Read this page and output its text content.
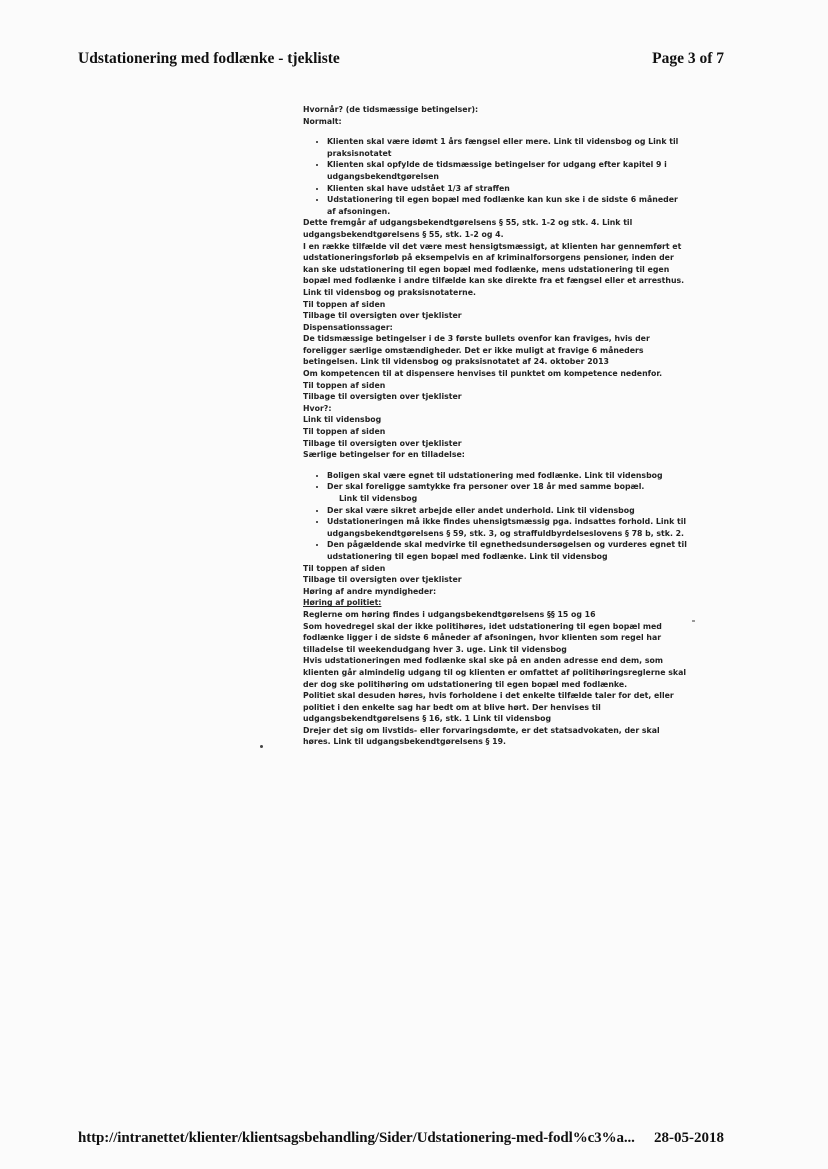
Udstationering med fodlænke - tjekliste	Page 3 of 7

Hvornår? (de tidsmæssige betingelser):

Normalt:

• Klienten skal være idømt 1 års fængsel eller mere. Link til vidensbog og Link til praksisnotatet
• Klienten skal opfylde de tidsmæssige betingelser for udgang efter kapitel 9 i udgangsbekendtgørelsen
• Klienten skal have udstået 1/3 af straffen
• Udstationering til egen bopæl med fodlænke kan kun ske i de sidste 6 måneder af afsoningen.

Dette fremgår af udgangsbekendtgørelsens § 55, stk. 1-2 og stk. 4. Link til udgangsbekendtgørelsens § 55, stk. 1-2 og 4.

I en række tilfælde vil det være mest hensigtsmæssigt, at klienten har gennemført et udstationeringsforløb på eksempelvis en af kriminalforsorgens pensioner, inden der kan ske udstationering til egen bopæl med fodlænke, mens udstationering til egen bopæl med fodlænke i andre tilfælde kan ske direkte fra et fængsel eller et arresthus. Link til vidensbog og praksisnotaterne.

Til toppen af siden

Tilbage til oversigten over tjeklister

Dispensationssager:

De tidsmæssige betingelser i de 3 første bullets ovenfor kan fraviges, hvis der foreligger særlige omstændigheder. Det er ikke muligt at fravige 6 måneders betingelsen. Link til vidensbog og praksisnotatet af 24. oktober 2013

Om kompetencen til at dispensere henvises til punktet om kompetence nedenfor.

Til toppen af siden

Tilbage til oversigten over tjeklister

Hvor?:

Link til vidensbog

Til toppen af siden

Tilbage til oversigten over tjeklister

Særlige betingelser for en tilladelse:

• Boligen skal være egnet til udstationering med fodlænke. Link til vidensbog
• Der skal foreligge samtykke fra personer over 18 år med samme bopæl.
Link til vidensbog
• Der skal være sikret arbejde eller andet underhold. Link til vidensbog
• Udstationeringen må ikke findes uhensigtsmæssig pga. indsattes forhold. Link til udgangsbekendtgørelsens § 59, stk. 3, og straffuldbyrdelseslovens § 78 b, stk. 2.
• Den pågældende skal medvirke til egnethedsundersøgelsen og vurderes egnet til udstationering til egen bopæl med fodlænke. Link til vidensbog

Til toppen af siden

Tilbage til oversigten over tjeklister

Høring af andre myndigheder:

Høring af politiet:

Reglerne om høring findes i udgangsbekendtgørelsens §§ 15 og 16

Som hovedregel skal der ikke politihøres, idet udstationering til egen bopæl med fodlænke ligger i de sidste 6 måneder af afsoningen, hvor klienten som regel har tilladelse til weekendudgang hver 3. uge. Link til vidensbog

Hvis udstationeringen med fodlænke skal ske på en anden adresse end dem, som klienten går almindelig udgang til og klienten er omfattet af politihøringsreglerne skal der dog ske politihøring om udstationering til egen bopæl med fodlænke.

Politiet skal desuden høres, hvis forholdene i det enkelte tilfælde taler for det, eller politiet i den enkelte sag har bedt om at blive hørt. Der henvises til udgangsbekendtgørelsens § 16, stk. 1 Link til vidensbog

Drejer det sig om livstids- eller forvaringsdømte, er det statsadvokaten, der skal høres. Link til udgangsbekendtgørelsens § 19.

http://intranettet/klienter/klientsagsbehandling/Sider/Udstationering-med-fodl%c3%a... 28-05-2018
